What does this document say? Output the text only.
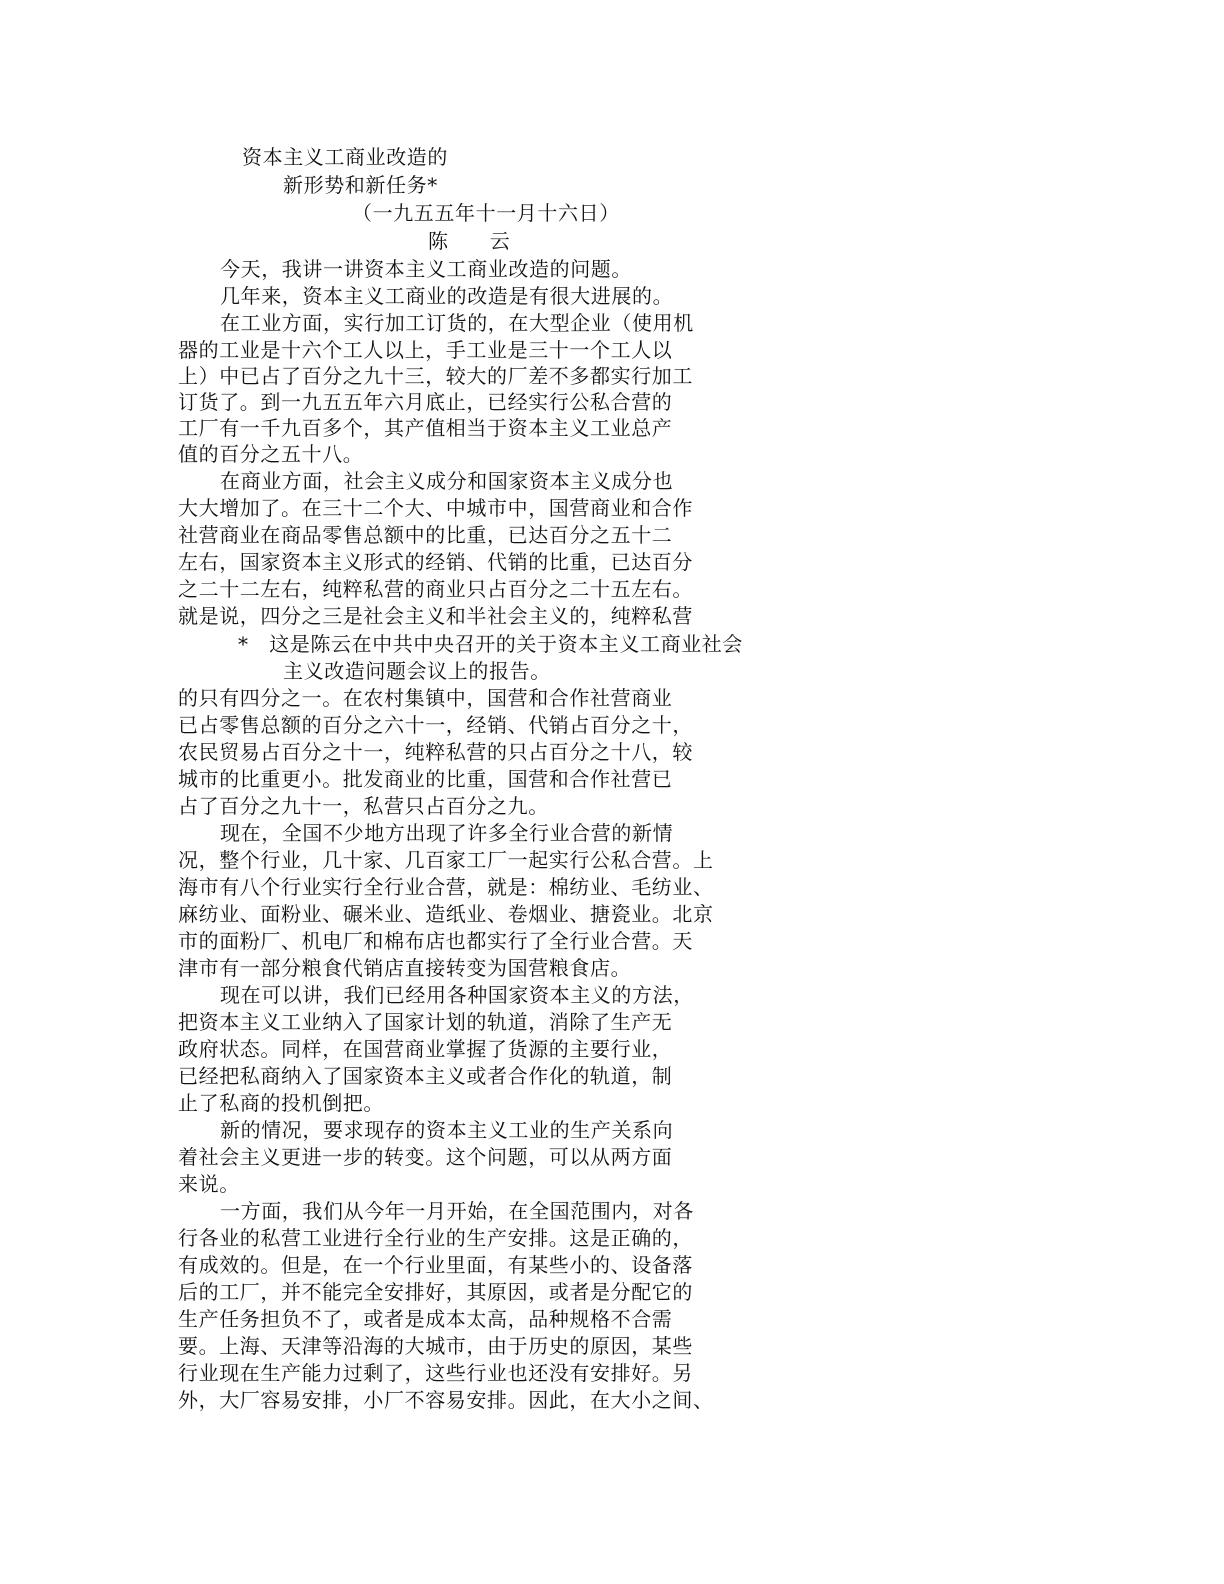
资本主义工商业改造的
新形势和新任务*
（一九五五年十一月十六日）
陈　　云
今天，我讲一讲资本主义工商业改造的问题。
几年来，资本主义工商业的改造是有很大进展的。
在工业方面，实行加工订货的，在大型企业（使用机
器的工业是十六个工人以上，手工业是三十一个工人以
上）中已占了百分之九十三，较大的厂差不多都实行加工
订货了。到一九五五年六月底止，已经实行公私合营的
工厂有一千九百多个，其产值相当于资本主义工业总产
值的百分之五十八。
在商业方面，社会主义成分和国家资本主义成分也
大大增加了。在三十二个大、中城市中，国营商业和合作
社营商业在商品零售总额中的比重，已达百分之五十二
左右，国家资本主义形式的经销、代销的比重，已达百分
之二十二左右，纯粹私营的商业只占百分之二十五左右。
就是说，四分之三是社会主义和半社会主义的，纯粹私营
*　这是陈云在中共中央召开的关于资本主义工商业社会
主义改造问题会议上的报告。
的只有四分之一。在农村集镇中，国营和合作社营商业
已占零售总额的百分之六十一，经销、代销占百分之十，
农民贸易占百分之十一，纯粹私营的只占百分之十八，较
城市的比重更小。批发商业的比重，国营和合作社营已
占了百分之九十一，私营只占百分之九。
现在，全国不少地方出现了许多全行业合营的新情
况，整个行业，几十家、几百家工厂一起实行公私合营。上
海市有八个行业实行全行业合营，就是：棉纺业、毛纺业、
麻纺业、面粉业、碾米业、造纸业、卷烟业、搪瓷业。北京
市的面粉厂、机电厂和棉布店也都实行了全行业合营。天
津市有一部分粮食代销店直接转变为国营粮食店。
现在可以讲，我们已经用各种国家资本主义的方法，
把资本主义工业纳入了国家计划的轨道，消除了生产无
政府状态。同样，在国营商业掌握了货源的主要行业，
已经把私商纳入了国家资本主义或者合作化的轨道，制
止了私商的投机倒把。
新的情况，要求现存的资本主义工业的生产关系向
着社会主义更进一步的转变。这个问题，可以从两方面
来说。
一方面，我们从今年一月开始，在全国范围内，对各
行各业的私营工业进行全行业的生产安排。这是正确的，
有成效的。但是，在一个行业里面，有某些小的、设备落
后的工厂，并不能完全安排好，其原因，或者是分配它的
生产任务担负不了，或者是成本太高，品种规格不合需
要。上海、天津等沿海的大城市，由于历史的原因，某些
行业现在生产能力过剩了，这些行业也还没有安排好。另
外，大厂容易安排，小厂不容易安排。因此，在大小之间、
